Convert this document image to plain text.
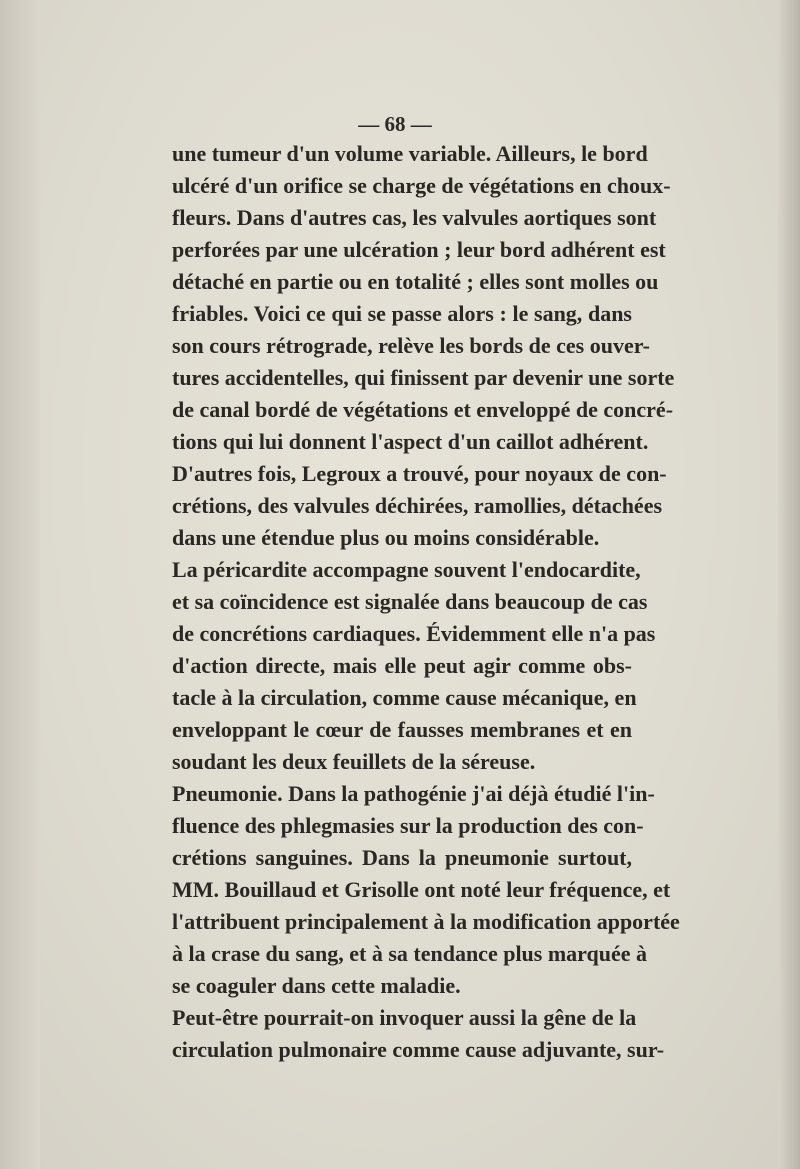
— 68 —
une tumeur d'un volume variable. Ailleurs, le bord
ulcéré d'un orifice se charge de végétations en choux-
fleurs. Dans d'autres cas, les valvules aortiques sont
perforées par une ulcération ; leur bord adhérent est
détaché en partie ou en totalité ; elles sont molles ou
friables. Voici ce qui se passe alors : le sang, dans
son cours rétrograde, relève les bords de ces ouver-
tures accidentelles, qui finissent par devenir une sorte
de canal bordé de végétations et enveloppé de concré-
tions qui lui donnent l'aspect d'un caillot adhérent.
D'autres fois, Legroux a trouvé, pour noyaux de con-
crétions, des valvules déchirées, ramollies, détachées
dans une étendue plus ou moins considérable.
La péricardite accompagne souvent l'endocardite,
et sa coïncidence est signalée dans beaucoup de cas
de concrétions cardiaques. Évidemment elle n'a pas
d'action directe, mais elle peut agir comme obs-
tacle à la circulation, comme cause mécanique, en
enveloppant le cœur de fausses membranes et en
soudant les deux feuillets de la séreuse.
Pneumonie. Dans la pathogénie j'ai déjà étudié l'in-
fluence des phlegmasies sur la production des con-
crétions sanguines. Dans la pneumonie surtout,
MM. Bouillaud et Grisolle ont noté leur fréquence, et
l'attribuent principalement à la modification apportée
à la crase du sang, et à sa tendance plus marquée à
se coaguler dans cette maladie.
Peut-être pourrait-on invoquer aussi la gêne de la
circulation pulmonaire comme cause adjuvante, sur-
